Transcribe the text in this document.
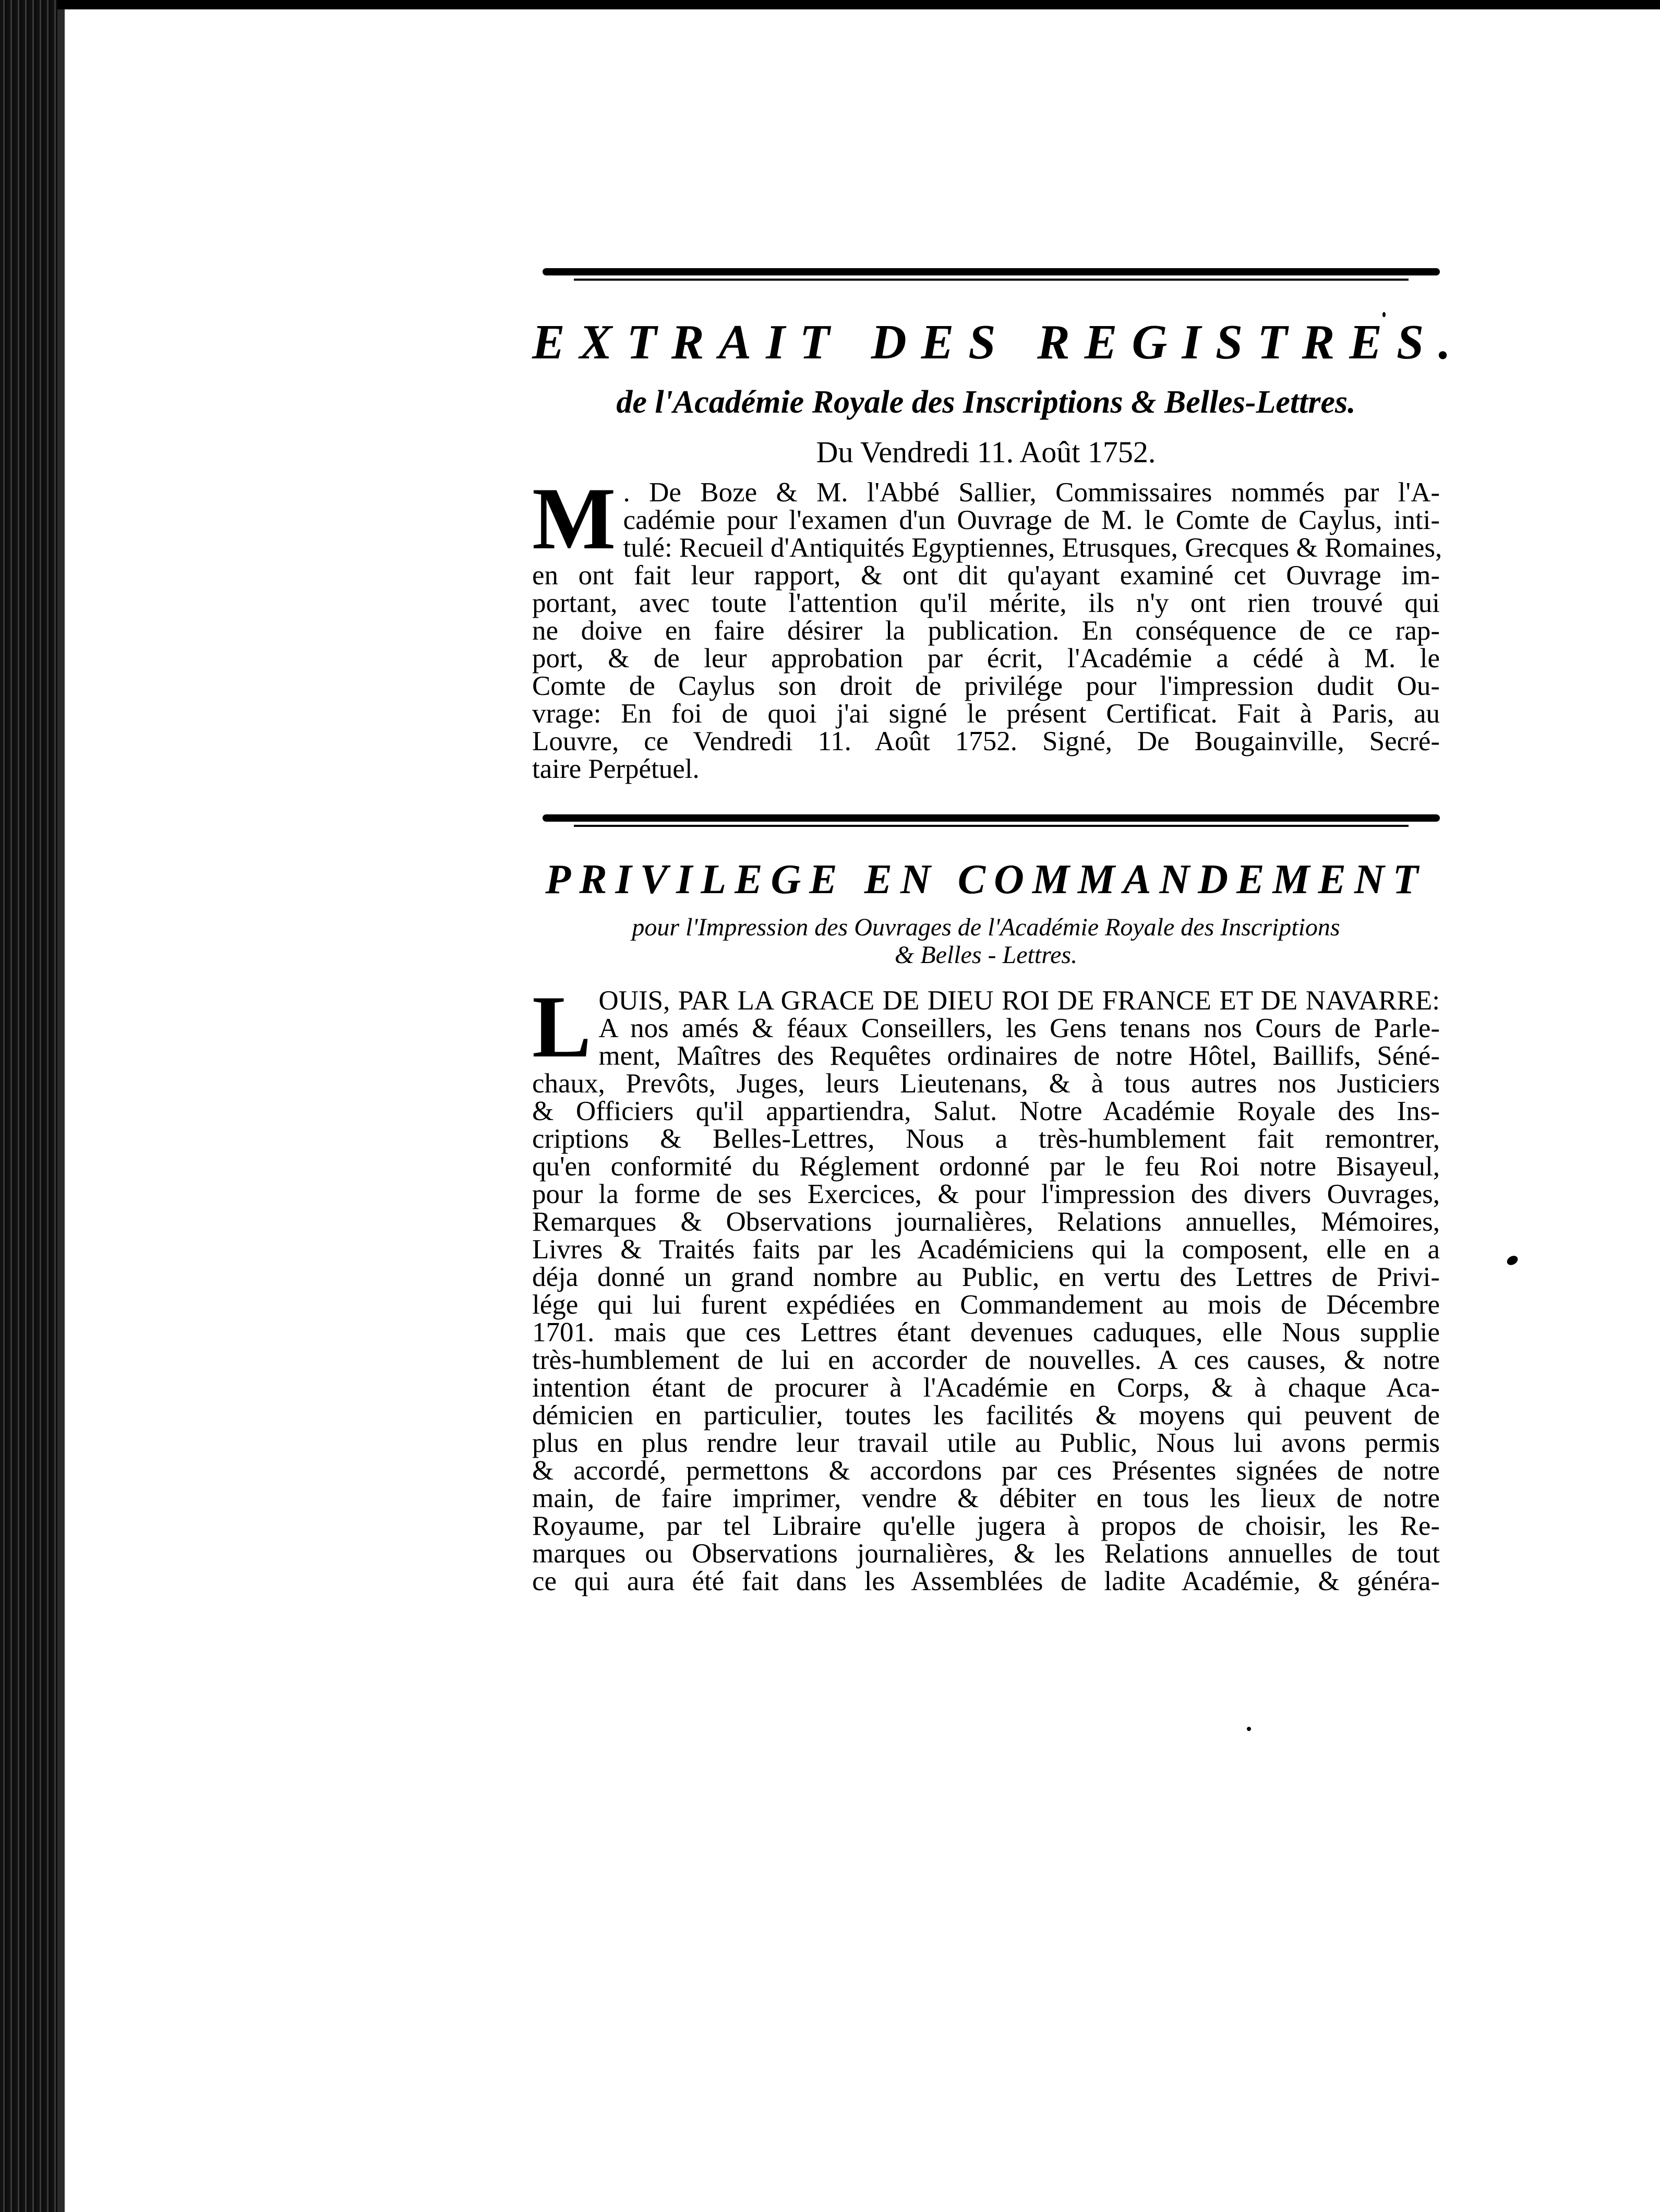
EXTRAIT DES REGISTRES.
de l'Académie Royale des Inscriptions & Belles-Lettres.
Du Vendredi 11. Août 1752.
M . De Boze & M. l'Abbé Sallier, Commissaires nommés par l'A-
cadémie pour l'examen d'un Ouvrage de M. le Comte de Caylus, inti-
tulé: Recueil d'Antiquités Egyptiennes, Etrusques, Grecques & Romaines,
en ont fait leur rapport, & ont dit qu'ayant examiné cet Ouvrage im-
portant, avec toute l'attention qu'il mérite, ils n'y ont rien trouvé qui
ne doive en faire désirer la publication. En conséquence de ce rap-
port, & de leur approbation par écrit, l'Académie a cédé à M. le
Comte de Caylus son droit de privilége pour l'impression dudit Ou-
vrage: En foi de quoi j'ai signé le présent Certificat. Fait à Paris, au
Louvre, ce Vendredi 11. Août 1752. Signé, De Bougainville, Secré-
taire Perpétuel.
PRIVILEGE EN COMMANDEMENT
pour l'Impression des Ouvrages de l'Académie Royale des Inscriptions
& Belles - Lettres.
L OUIS, PAR LA GRACE DE DIEU ROI DE FRANCE ET DE NAVARRE:
A nos amés & féaux Conseillers, les Gens tenans nos Cours de Parle-
ment, Maîtres des Requêtes ordinaires de notre Hôtel, Baillifs, Séné-
chaux, Prevôts, Juges, leurs Lieutenans, & à tous autres nos Justiciers
& Officiers qu'il appartiendra, Salut. Notre Académie Royale des Ins-
criptions & Belles-Lettres, Nous a très-humblement fait remontrer,
qu'en conformité du Réglement ordonné par le feu Roi notre Bisayeul,
pour la forme de ses Exercices, & pour l'impression des divers Ouvrages,
Remarques & Observations journalières, Relations annuelles, Mémoires,
Livres & Traités faits par les Académiciens qui la composent, elle en a
déja donné un grand nombre au Public, en vertu des Lettres de Privi-
lége qui lui furent expédiées en Commandement au mois de Décembre
1701. mais que ces Lettres étant devenues caduques, elle Nous supplie
très-humblement de lui en accorder de nouvelles. A ces causes, & notre
intention étant de procurer à l'Académie en Corps, & à chaque Aca-
démicien en particulier, toutes les facilités & moyens qui peuvent de
plus en plus rendre leur travail utile au Public, Nous lui avons permis
& accordé, permettons & accordons par ces Présentes signées de notre
main, de faire imprimer, vendre & débiter en tous les lieux de notre
Royaume, par tel Libraire qu'elle jugera à propos de choisir, les Re-
marques ou Observations journalières, & les Relations annuelles de tout
ce qui aura été fait dans les Assemblées de ladite Académie, & généra-
